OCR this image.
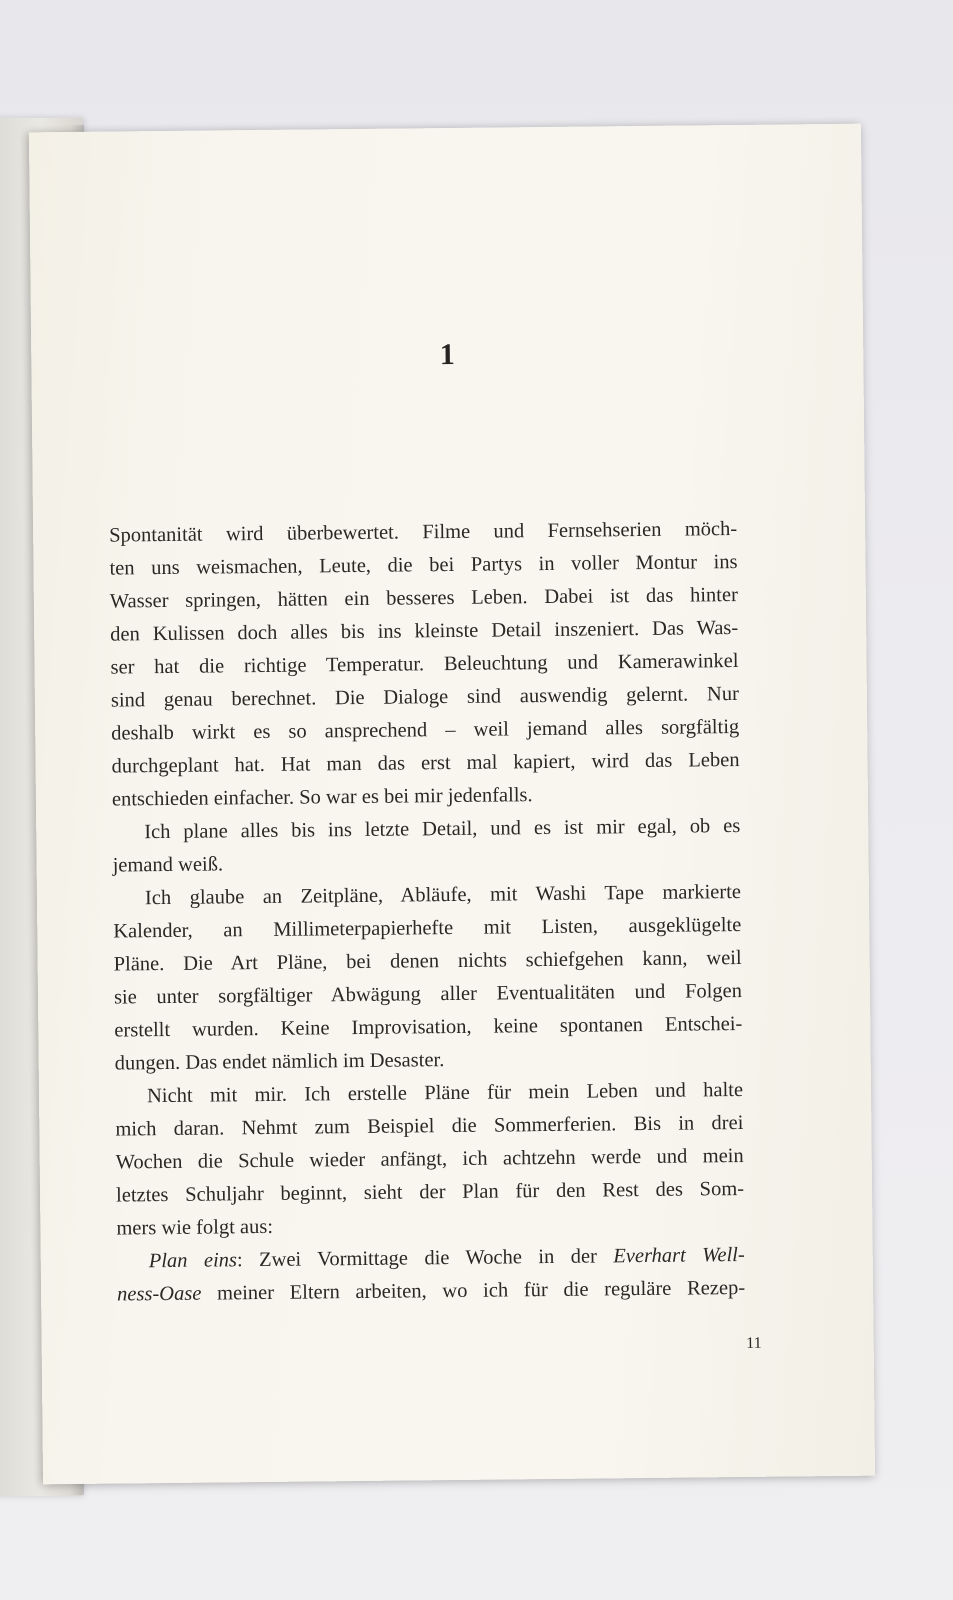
1
Spontanität wird überbewertet. Filme und Fernsehserien möch-
ten uns weismachen, Leute, die bei Partys in voller Montur ins
Wasser springen, hätten ein besseres Leben. Dabei ist das hinter
den Kulissen doch alles bis ins kleinste Detail inszeniert. Das Was-
ser hat die richtige Temperatur. Beleuchtung und Kamerawinkel
sind genau berechnet. Die Dialoge sind auswendig gelernt. Nur
deshalb wirkt es so ansprechend – weil jemand alles sorgfältig
durchgeplant hat. Hat man das erst mal kapiert, wird das Leben
entschieden einfacher. So war es bei mir jedenfalls.
Ich plane alles bis ins letzte Detail, und es ist mir egal, ob es
jemand weiß.
Ich glaube an Zeitpläne, Abläufe, mit Washi Tape markierte
Kalender, an Millimeterpapierhefte mit Listen, ausgeklügelte
Pläne. Die Art Pläne, bei denen nichts schiefgehen kann, weil
sie unter sorgfältiger Abwägung aller Eventualitäten und Folgen
erstellt wurden. Keine Improvisation, keine spontanen Entschei-
dungen. Das endet nämlich im Desaster.
Nicht mit mir. Ich erstelle Pläne für mein Leben und halte
mich daran. Nehmt zum Beispiel die Sommerferien. Bis in drei
Wochen die Schule wieder anfängt, ich achtzehn werde und mein
letztes Schuljahr beginnt, sieht der Plan für den Rest des Som-
mers wie folgt aus:
Plan eins: Zwei Vormittage die Woche in der Everhart Well-
ness-Oase meiner Eltern arbeiten, wo ich für die reguläre Rezep-
11
